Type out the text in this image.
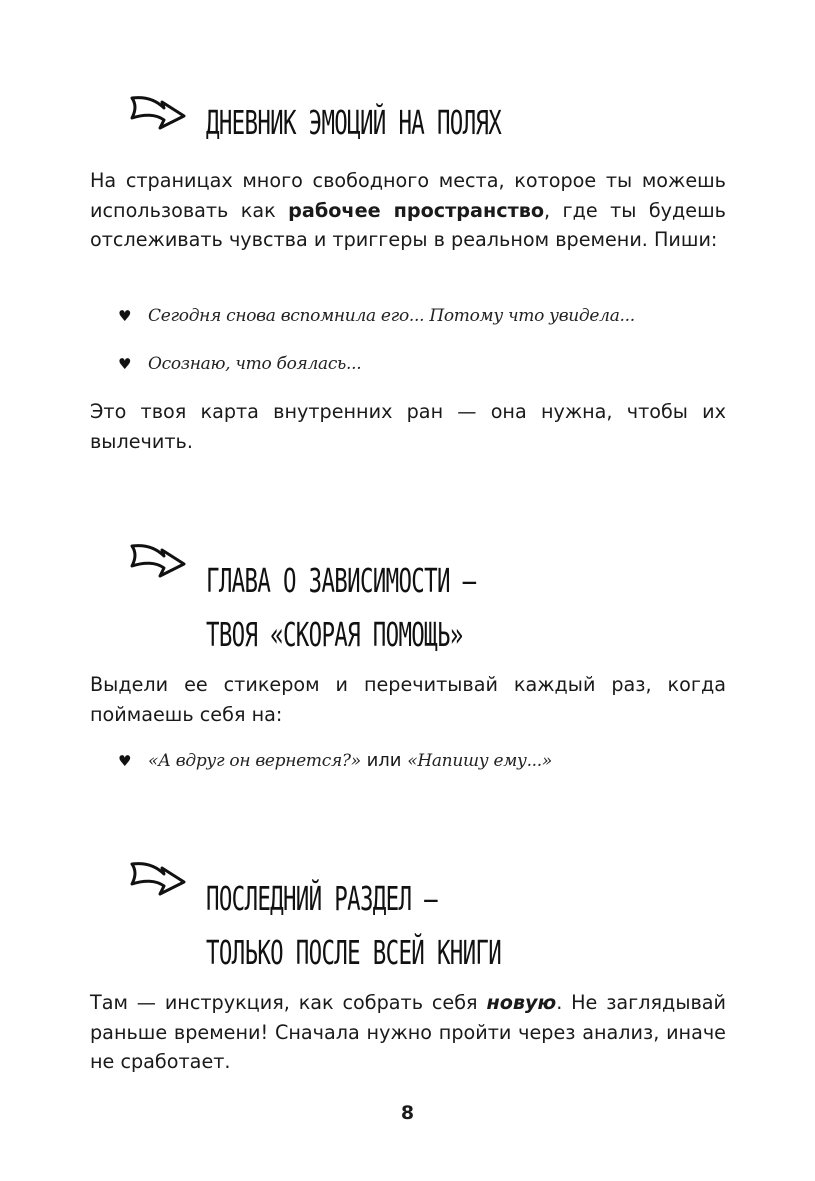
ДНЕВНИК ЭМОЦИЙ НА ПОЛЯХ

На страницах много свободного места, которое ты можешь использовать как рабочее пространство, где ты будешь отслеживать чувства и триггеры в реальном времени. Пиши:

♥ Сегодня снова вспомнила его... Потому что увидела...
♥ Осознаю, что боялась...

Это твоя карта внутренних ран — она нужна, чтобы их вылечить.

ГЛАВА О ЗАВИСИМОСТИ —
ТВОЯ «СКОРАЯ ПОМОЩЬ»

Выдели ее стикером и перечитывай каждый раз, когда поймаешь себя на:

♥ «А вдруг он вернется?» или «Напишу ему...»
ПОСЛЕДНИЙ РАЗДЕЛ —
ТОЛЬКО ПОСЛЕ ВСЕЙ КНИГИ

Там — инструкция, как собрать себя новую. Не заглядывай раньше времени! Сначала нужно пройти через анализ, иначе не сработает.

8
